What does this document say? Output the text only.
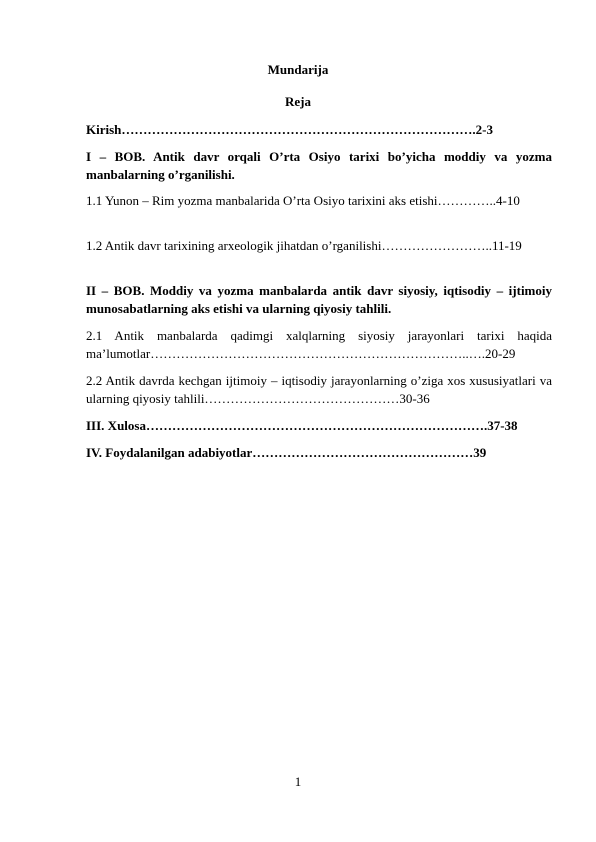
Mundarija
Reja
Kirish……………………………………………………………………….2-3
I – BOB. Antik davr orqali O’rta Osiyo tarixi bo’yicha moddiy va yozma manbalarning o’rganilishi.
1.1 Yunon – Rim yozma manbalarida O’rta Osiyo tarixini aks etishi…………..4-10
1.2 Antik davr tarixining arxeologik jihatdan o’rganilishi……………………..11-19
II – BOB. Moddiy va yozma manbalarda antik davr siyosiy, iqtisodiy – ijtimoiy munosabatlarning aks etishi va ularning qiyosiy tahlili.
2.1 Antik manbalarda qadimgi xalqlarning siyosiy jarayonlari tarixi haqida ma’lumotlar………………………………………………………………..….20-29
2.2 Antik davrda kechgan ijtimoiy – iqtisodiy jarayonlarning o’ziga xos xususiyatlari va ularning qiyosiy tahlili………………………………………30-36
III. Xulosa…………………………………………………………………….37-38
IV. Foydalanilgan adabiyotlar……………………………………………39
1
